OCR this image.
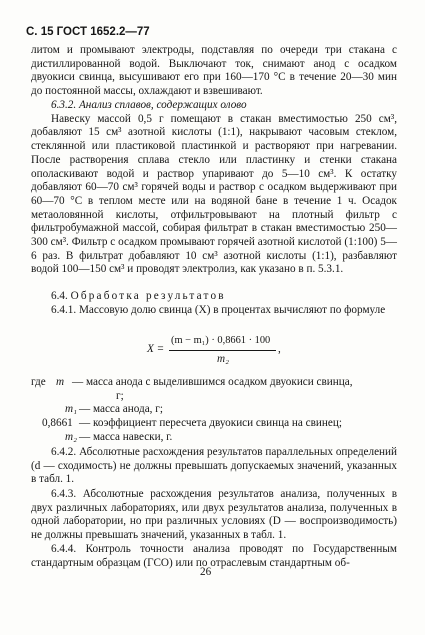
С. 15 ГОСТ 1652.2—77
литом и промывают электроды, подставляя по очереди три стакана с дистиллированной водой. Выключают ток, снимают анод с осадком двуокиси свинца, высушивают его при 160—170 °С в течение 20—30 мин до постоянной массы, охлаждают и взвешивают.
6.3.2. Анализ сплавов, содержащих олово
Навеску массой 0,5 г помещают в стакан вместимостью 250 см³, добавляют 15 см³ азотной кислоты (1:1), накрывают часовым стеклом, стеклянной или пластиковой пластинкой и растворяют при нагревании. После растворения сплава стекло или пластинку и стенки стакана ополаскивают водой и раствор упаривают до 5—10 см³. К остатку добавляют 60—70 см³ горячей воды и раствор с осадком выдерживают при 60—70 °С в теплом месте или на водяной бане в течение 1 ч. Осадок метаоловянной кислоты, отфильтровывают на плотный фильтр с фильтробумажной массой, собирая фильтрат в стакан вместимостью 250—300 см³. Фильтр с осадком промывают горячей азотной кислотой (1:100) 5—6 раз. В фильтрат добавляют 10 см³ азотной кислоты (1:1), разбавляют водой 100—150 см³ и проводят электролиз, как указано в п. 5.3.1.
6.4. Обработка результатов
6.4.1. Массовую долю свинца (X) в процентах вычисляют по формуле
X =
(m − m₁) · 0,8661 · 100
m₂
,
где m — масса анода с выделившимся осадком двуокиси свинца,
г;
m₁ — масса анода, г;
0,8661 — коэффициент пересчета двуокиси свинца на свинец;
m₂ — масса навески, г.
6.4.2. Абсолютные расхождения результатов параллельных определений (d — сходимость) не должны превышать допускаемых значений, указанных в табл. 1.
6.4.3. Абсолютные расхождения результатов анализа, полученных в двух различных лабораториях, или двух результатов анализа, полученных в одной лаборатории, но при различных условиях (D — воспроизводимость) не должны превышать значений, указанных в табл. 1.
6.4.4. Контроль точности анализа проводят по Государственным стандартным образцам (ГСО) или по отраслевым стандартным об-
26
